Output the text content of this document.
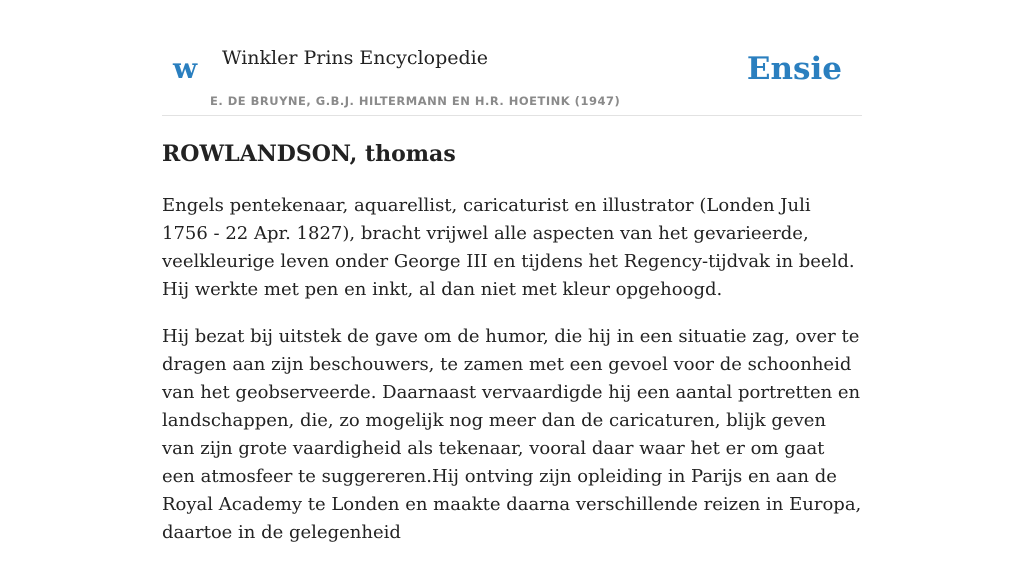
w Winkler Prins Encyclopedie
E. DE BRUYNE, G.B.J. HILTERMANN EN H.R. HOETINK (1947)
Ensie
ROWLANDSON, thomas

Engels pentekenaar, aquarellist, caricaturist en illustrator (Londen Juli 1756 - 22 Apr. 1827), bracht vrijwel alle aspecten van het gevarieerde, veelkleurige leven onder George III en tijdens het Regency-tijdvak in beeld. Hij werkte met pen en inkt, al dan niet met kleur opgehoogd.

Hij bezat bij uitstek de gave om de humor, die hij in een situatie zag, over te dragen aan zijn beschouwers, te zamen met een gevoel voor de schoonheid van het geobserveerde. Daarnaast vervaardigde hij een aantal portretten en landschappen, die, zo mogelijk nog meer dan de caricaturen, blijk geven van zijn grote vaardigheid als tekenaar, vooral daar waar het er om gaat een atmosfeer te suggereren.Hij ontving zijn opleiding in Parijs en aan de Royal Academy te Londen en maakte daarna verschillende reizen in Europa, daartoe in de gelegenheid
